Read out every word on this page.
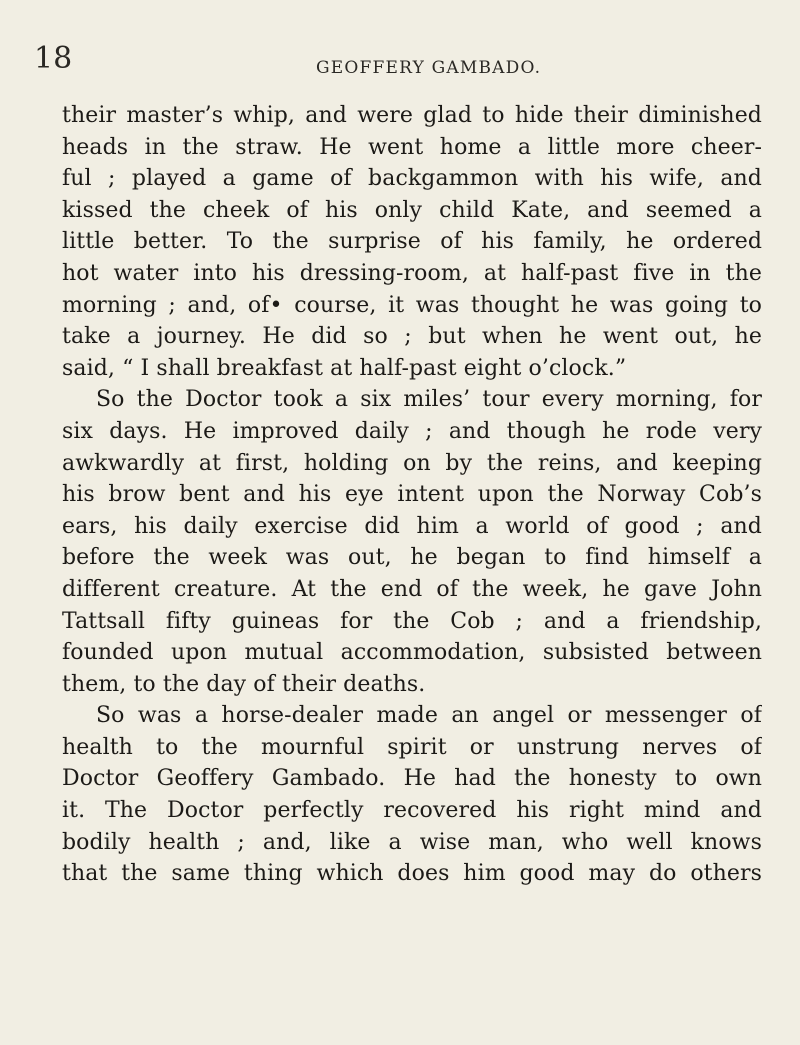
18	GEOFFERY GAMBADO.
their master’s whip, and were glad to hide their diminished
heads in the straw. He went home a little more cheer-
ful ; played a game of backgammon with his wife, and
kissed the cheek of his only child Kate, and seemed a
little better. To the surprise of his family, he ordered
hot water into his dressing-room, at half-past five in the
morning ; and, of• course, it was thought he was going to
take a journey. He did so ; but when he went out, he
said, “ I shall breakfast at half-past eight o’clock.”
So the Doctor took a six miles’ tour every morning, for
six days. He improved daily ; and though he rode very
awkwardly at first, holding on by the reins, and keeping
his brow bent and his eye intent upon the Norway Cob’s
ears, his daily exercise did him a world of good ; and
before the week was out, he began to find himself a
different creature. At the end of the week, he gave John
Tattsall fifty guineas for the Cob ; and a friendship,
founded upon mutual accommodation, subsisted between
them, to the day of their deaths.
So was a horse-dealer made an angel or messenger of
health to the mournful spirit or unstrung nerves of
Doctor Geoffery Gambado. He had the honesty to own
it. The Doctor perfectly recovered his right mind and
bodily health ; and, like a wise man, who well knows
that the same thing which does him good may do others
